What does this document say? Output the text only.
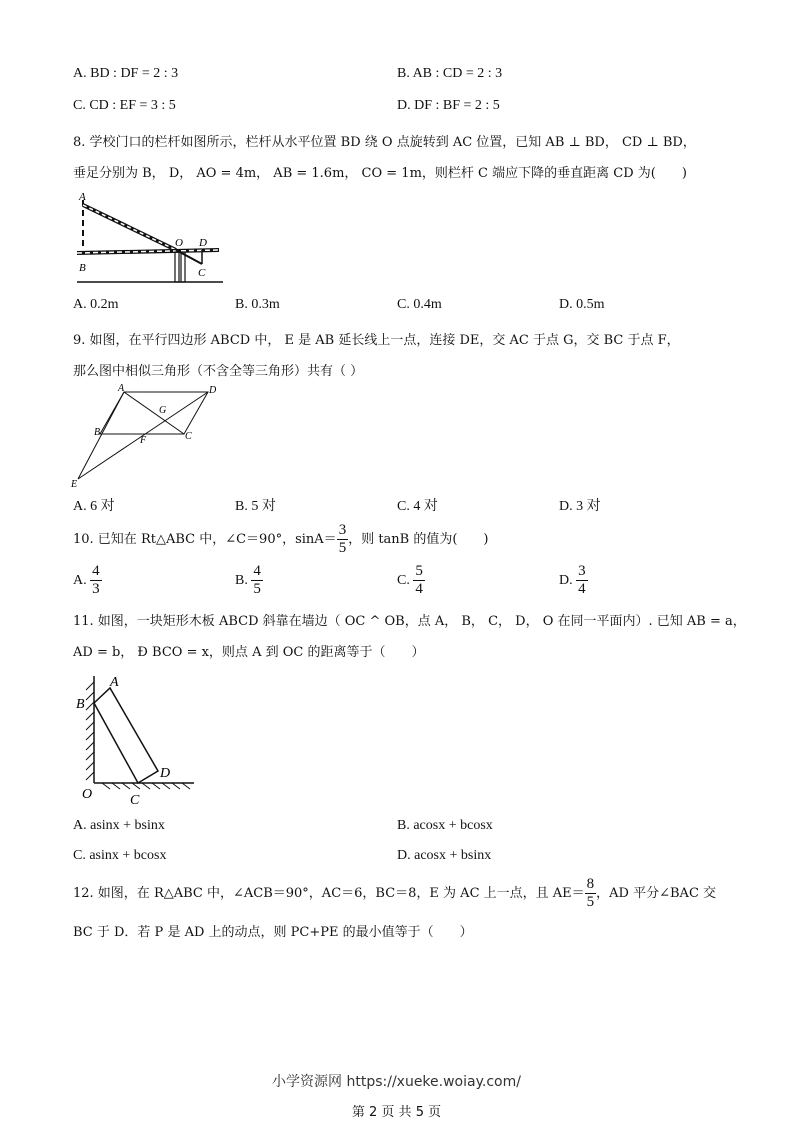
A. BD : DF = 2 : 3	B. AB : CD = 2 : 3
C. CD : EF = 3 : 5	D. DF : BF = 2 : 5
8. 学校门口的栏杆如图所示，栏杆从水平位置 BD 绕 O 点旋转到 AC 位置，已知 AB ⊥ BD， CD ⊥ BD，
垂足分别为 B， D， AO = 4m， AB = 1.6m， CO = 1m，则栏杆 C 端应下降的垂直距离 CD 为(　　)
A
B
O D
C
A. 0.2m	B. 0.3m	C. 0.4m	D. 0.5m
9. 如图，在平行四边形 ABCD 中， E 是 AB 延长线上一点，连接 DE，交 AC 于点 G，交 BC 于点 F，
那么图中相似三角形（不含全等三角形）共有（ ）
A	D
G
B
F	C
E
A. 6 对	B. 5 对	C. 4 对	D. 3 对
10. 已知在 Rt△ABC 中，∠C＝90°，$\sin A= \frac{3}{5}$ ，则 tanB 的值为(　　)
A. $\frac{4}{3}$	B. $\frac{4}{5}$	C. $\frac{5}{4}$	D. $\frac{3}{4}$
11. 如图，一块矩形木板 ABCD 斜靠在墙边（ OC ^ OB，点 A， B， C， D， O 在同一平面内）. 已知 AB = a，
AD = b， Ð BCO = x，则点 A 到 OC 的距离等于（　　）
A
B
D
O	C
A. asinx + bsinx	B. acosx + bcosx
C. asinx + bcosx	D. acosx + bsinx
12. 如图，在 R△ABC 中，∠ACB＝90°，AC＝6，BC＝8，E 为 AC 上一点，且 $AE= \frac{8}{5}$ ，AD 平分∠BAC 交
BC 于 D．若 P 是 AD 上的动点，则 PC+PE 的最小值等于（　　）
小学资源网 https://xueke.woiay.com/
第 2 页 共 5 页
